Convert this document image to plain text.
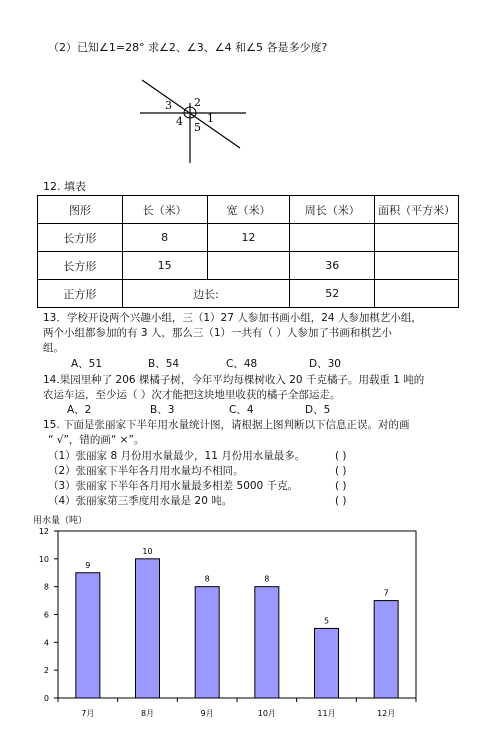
（2）已知∠1=28° 求∠2、∠3、∠4 和∠5 各是多少度?
3 2
4 5
1
12. 填表
图形	长（米）	宽（米）	周长（米）	面积（平方米）
长方形	8	12		
长方形	15		36	
正方形	边长:		52	
13．学校开设两个兴趣小组，三（1）27 人参加书画小组，24 人参加棋艺小组，
两个小组都参加的有 3 人，那么三（1）一共有（ ）人参加了书画和棋艺小
组。
A、51	B、54	C、48	D、30
14.果园里种了 206 棵橘子树，今年平均每棵树收入 20 千克橘子。用载重 1 吨的
农运车运，至少运（ ）次才能把这块地里收获的橘子全部运走。
A、2	B、3	C、4	D、5
15. 下面是张丽家下半年用水量统计图，请根据上图判断以下信息正误。对的画
“ √”，错的画“ ×”。
（1）张丽家 8 月份用水量最少，11 月份用水量最多。
（2）张丽家下半年各月用水量均不相同。
（3）张丽家下半年各月用水量最多相差 5000 千克。
（4）张丽家第三季度用水量是 20 吨。
( )
( )
( )
( )
用水量（吨）
0
2
4
6
8
10
12
9
7月
10
8月
8
9月
8
10月
5
11月
7
12月
